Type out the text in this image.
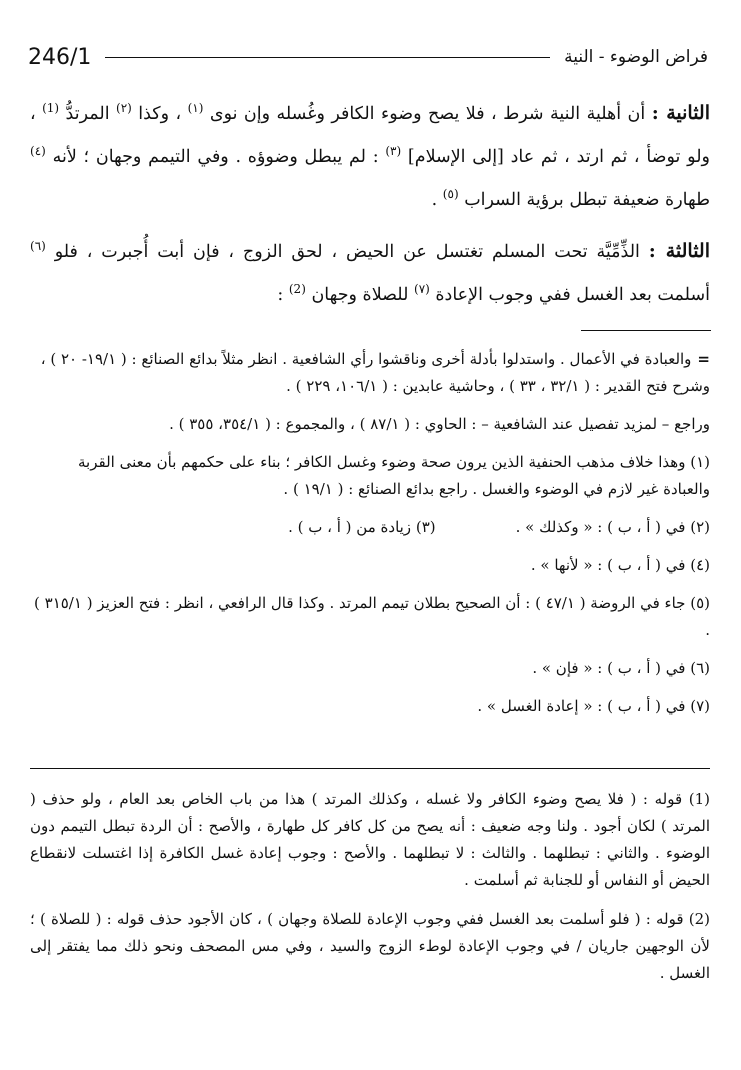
246/1	فراض الوضوء - النية

الثانية : أن أهلية النية شرط ، فلا يصح وضوء الكافر وغُسله وإن نوى $^{(١)}$ ، وكذا $^{(٢)}$ المرتدُّ $^{(1)}$ ، ولو توضأ ، ثم ارتد ، ثم عاد [إلى الإسلام] $^{(٣)}$ : لم يبطل وضوؤه . وفي التيمم وجهان ؛ لأنه $^{(٤)}$ طهارة ضعيفة تبطل برؤية السراب $^{(٥)}$ .

الثالثة : الذِّمِّيَّة تحت المسلم تغتسل عن الحيض ، لحق الزوج ، فإن أبت أُجبرت ، فلو $^{(٦)}$ أسلمت بعد الغسل ففي وجوب الإعادة $^{(٧)}$ للصلاة وجهان $^{(2)}$ :

=والعبادة في الأعمال . واستدلوا بأدلة أخرى وناقشوا رأي الشافعية . انظر مثلاً بدائع الصنائع : ( ١٩/١- ٢٠ ) ، وشرح فتح القدير : ( ٣٢/١ ، ٣٣ ) ، وحاشية عابدين : ( ١٠٦/١، ٢٢٩ ) .

وراجع – لمزيد تفصيل عند الشافعية – : الحاوي : ( ٨٧/١ ) ، والمجموع : ( ٣٥٤/١، ٣٥٥ ) .

(١) وهذا خلاف مذهب الحنفية الذين يرون صحة وضوء وغسل الكافر ؛ بناء على حكمهم بأن معنى القربة والعبادة غير لازم في الوضوء والغسل . راجع بدائع الصنائع : ( ١٩/١ ) .

(٢) في ( أ ، ب ) : « وكذلك » .
(٣) زيادة من ( أ ، ب ) .

(٤) في ( أ ، ب ) : « لأنها » .

(٥) جاء في الروضة ( ٤٧/١ ) : أن الصحيح بطلان تيمم المرتد . وكذا قال الرافعي ، انظر : فتح العزيز ( ٣١٥/١ ) .

(٦) في ( أ ، ب ) : « فإن » .

(٧) في ( أ ، ب ) : « إعادة الغسل » .

(1) قوله : ( فلا يصح وضوء الكافر ولا غسله ، وكذلك المرتد ) هذا من باب الخاص بعد العام ، ولو حذف ( المرتد ) لكان أجود . ولنا وجه ضعيف : أنه يصح من كل كافر كل طهارة ، والأصح : أن الردة تبطل التيمم دون الوضوء . والثاني : تبطلهما . والثالث : لا تبطلهما . والأصح : وجوب إعادة غسل الكافرة إذا اغتسلت لانقطاع الحيض أو النفاس أو للجنابة ثم أسلمت .

(2) قوله : ( فلو أسلمت بعد الغسل ففي وجوب الإعادة للصلاة وجهان ) ، كان الأجود حذف قوله : ( للصلاة ) ؛ لأن الوجهين جاريان / في وجوب الإعادة لوطء الزوج والسيد ، وفي مس المصحف ونحو ذلك مما يفتقر إلى الغسل .
